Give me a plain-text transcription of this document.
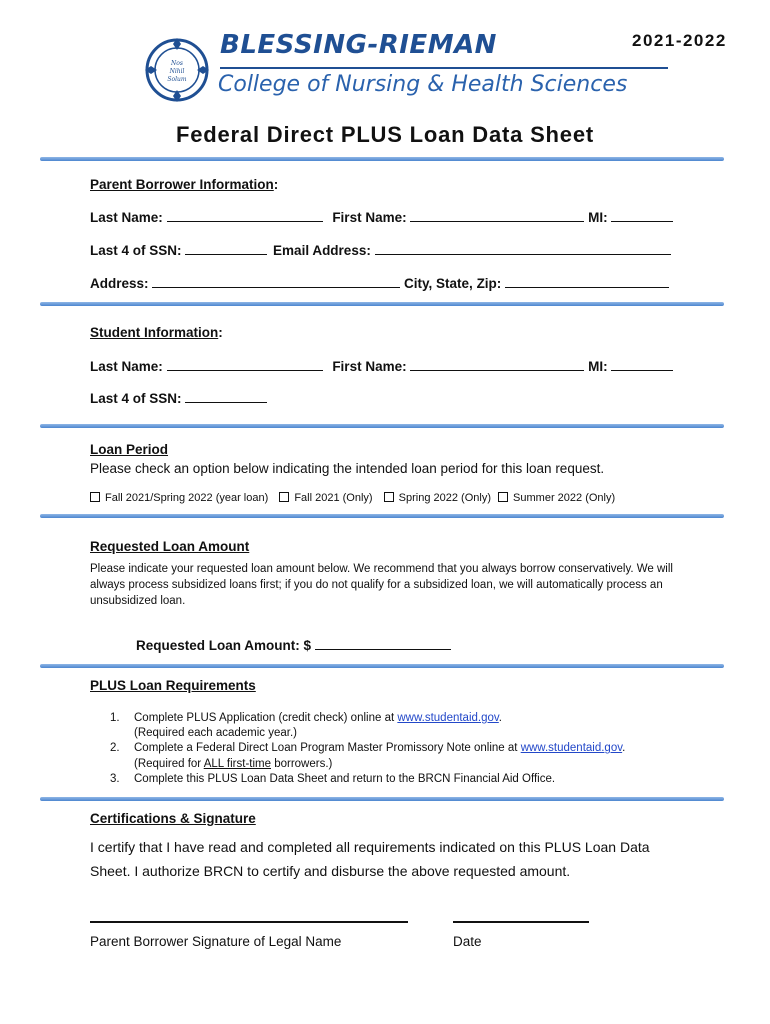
2021-2022
Nos
Nihil
Solum
BLESSING-RIEMAN
College of Nursing & Health Sciences
Federal Direct PLUS Loan Data Sheet
Parent Borrower Information:
Last Name:	First Name:	MI:
Last 4 of SSN:	Email Address:
Address:	City, State, Zip:
Student Information:
Last Name:	First Name:	MI:
Last 4 of SSN:
Loan Period
Please check an option below indicating the intended loan period for this loan request.
Fall 2021/Spring 2022 (year loan) Fall 2021 (Only) Spring 2022 (Only) Summer 2022 (Only)
Requested Loan Amount
Please indicate your requested loan amount below. We recommend that you always borrow conservatively. We will always process subsidized loans first; if you do not qualify for a subsidized loan, we will automatically process an unsubsidized loan.
Requested Loan Amount: $
PLUS Loan Requirements
1. Complete PLUS Application (credit check) online at www.studentaid.gov.
(Required each academic year.)
2. Complete a Federal Direct Loan Program Master Promissory Note online at www.studentaid.gov.
(Required for ALL first-time borrowers.)
3. Complete this PLUS Loan Data Sheet and return to the BRCN Financial Aid Office.
Certifications & Signature
I certify that I have read and completed all requirements indicated on this PLUS Loan Data
Sheet. I authorize BRCN to certify and disburse the above requested amount.
Parent Borrower Signature of Legal Name	Date
